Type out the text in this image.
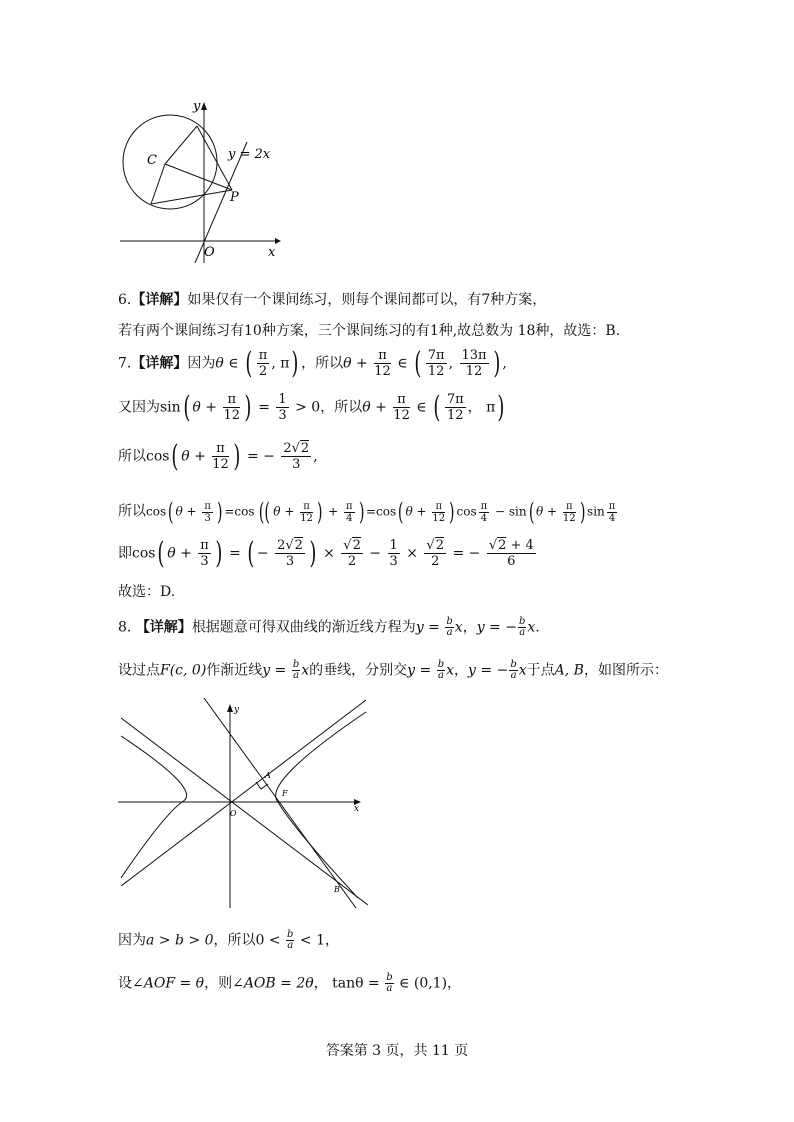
y
x
C
P
O
y = 2x
6.【详解】如果仅有一个课间练习，则每个课间都可以，有7种方案，
若有两个课间练习有10种方案，三个课间练习的有1种,故总数为 18种，故选：B.
7.【详解】因为θ ∈ ( $\frac{\pi}{2}$ , π) ，所以$\theta + \frac{\pi}{12}$ ∈ ( $\frac{7\pi}{12}$ , $\frac{13\pi}{12}$ ) ,
又因为sin( $\theta + \frac{\pi}{12}$ ) = $\frac{1}{3} > 0$，所以$\theta + \frac{\pi}{12}$ ∈ ( $\frac{7\pi}{12}$ ， π)
所以cos( $\theta + \frac{\pi}{12}$ ) = − $\frac{2√2}{3}$ ,
所以cos( $\theta + \frac{\pi}{3}$ ) =cos (( $\theta + \frac{\pi}{12}$ ) + $\frac{\pi}{4}$ ) =cos( $\theta + \frac{\pi}{12}$ ) $\cos \frac{\pi}{4} - \sin$( $\theta + \frac{\pi}{12}$ ) $\sin \frac{\pi}{4}$
即cos( $\theta + \frac{\pi}{3}$ ) = ( − $\frac{2√2}{3}$ ) × $\frac{√2}{2} - \frac{1}{3} \times \frac{√2}{2}$ = − $\frac{√2 + 4}{6}$
故选：D.
8. 【详解】根据题意可得双曲线的渐近线方程为$y = \frac{b}{a}$ x，y = − $\frac{b}{a} x$.
设过点F(c, 0)作渐近线$y = \frac{b}{a}$ x的垂线，分别交$y = \frac{b}{a}$ x，y = − $\frac{b}{a}$ x于点A, B，如图所示：
y
x
A
F
O
B
因为a > b > 0，所以$0 < \frac{b}{a} < 1$，
设∠AOF = θ，则∠AOB = 2θ， $\tan\theta = \frac{b}{a}$ ∈ (0,1)，
答案第 3 页，共 11 页
